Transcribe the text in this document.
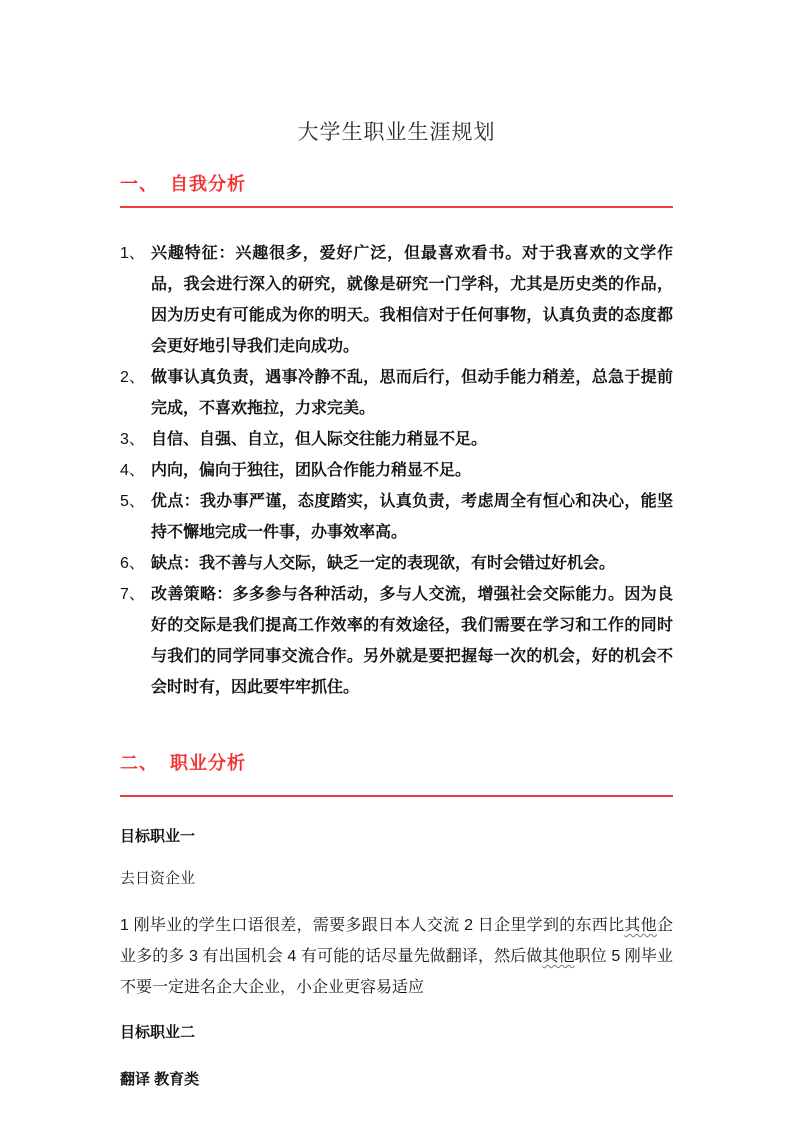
大学生职业生涯规划
一、 自我分析
1、 兴趣特征：兴趣很多，爱好广泛，但最喜欢看书。对于我喜欢的文学作品，我会进行深入的研究，就像是研究一门学科，尤其是历史类的作品，因为历史有可能成为你的明天。我相信对于任何事物，认真负责的态度都会更好地引导我们走向成功。
2、 做事认真负责，遇事冷静不乱，思而后行，但动手能力稍差，总急于提前完成，不喜欢拖拉，力求完美。
3、 自信、自强、自立，但人际交往能力稍显不足。
4、 内向，偏向于独往，团队合作能力稍显不足。
5、 优点：我办事严谨，态度踏实，认真负责，考虑周全有恒心和决心，能坚持不懈地完成一件事，办事效率高。
6、 缺点：我不善与人交际，缺乏一定的表现欲，有时会错过好机会。
7、 改善策略：多多参与各种活动，多与人交流，增强社会交际能力。因为良好的交际是我们提高工作效率的有效途径，我们需要在学习和工作的同时与我们的同学同事交流合作。另外就是要把握每一次的机会，好的机会不会时时有，因此要牢牢抓住。
二、 职业分析

目标职业一

去日资企业

1 刚毕业的学生口语很差，需要多跟日本人交流 2 日企里学到的东西比其他企业多的多 3 有出国机会 4 有可能的话尽量先做翻译，然后做其他职位 5 刚毕业不要一定进名企大企业，小企业更容易适应

目标职业二

翻译 教育类
